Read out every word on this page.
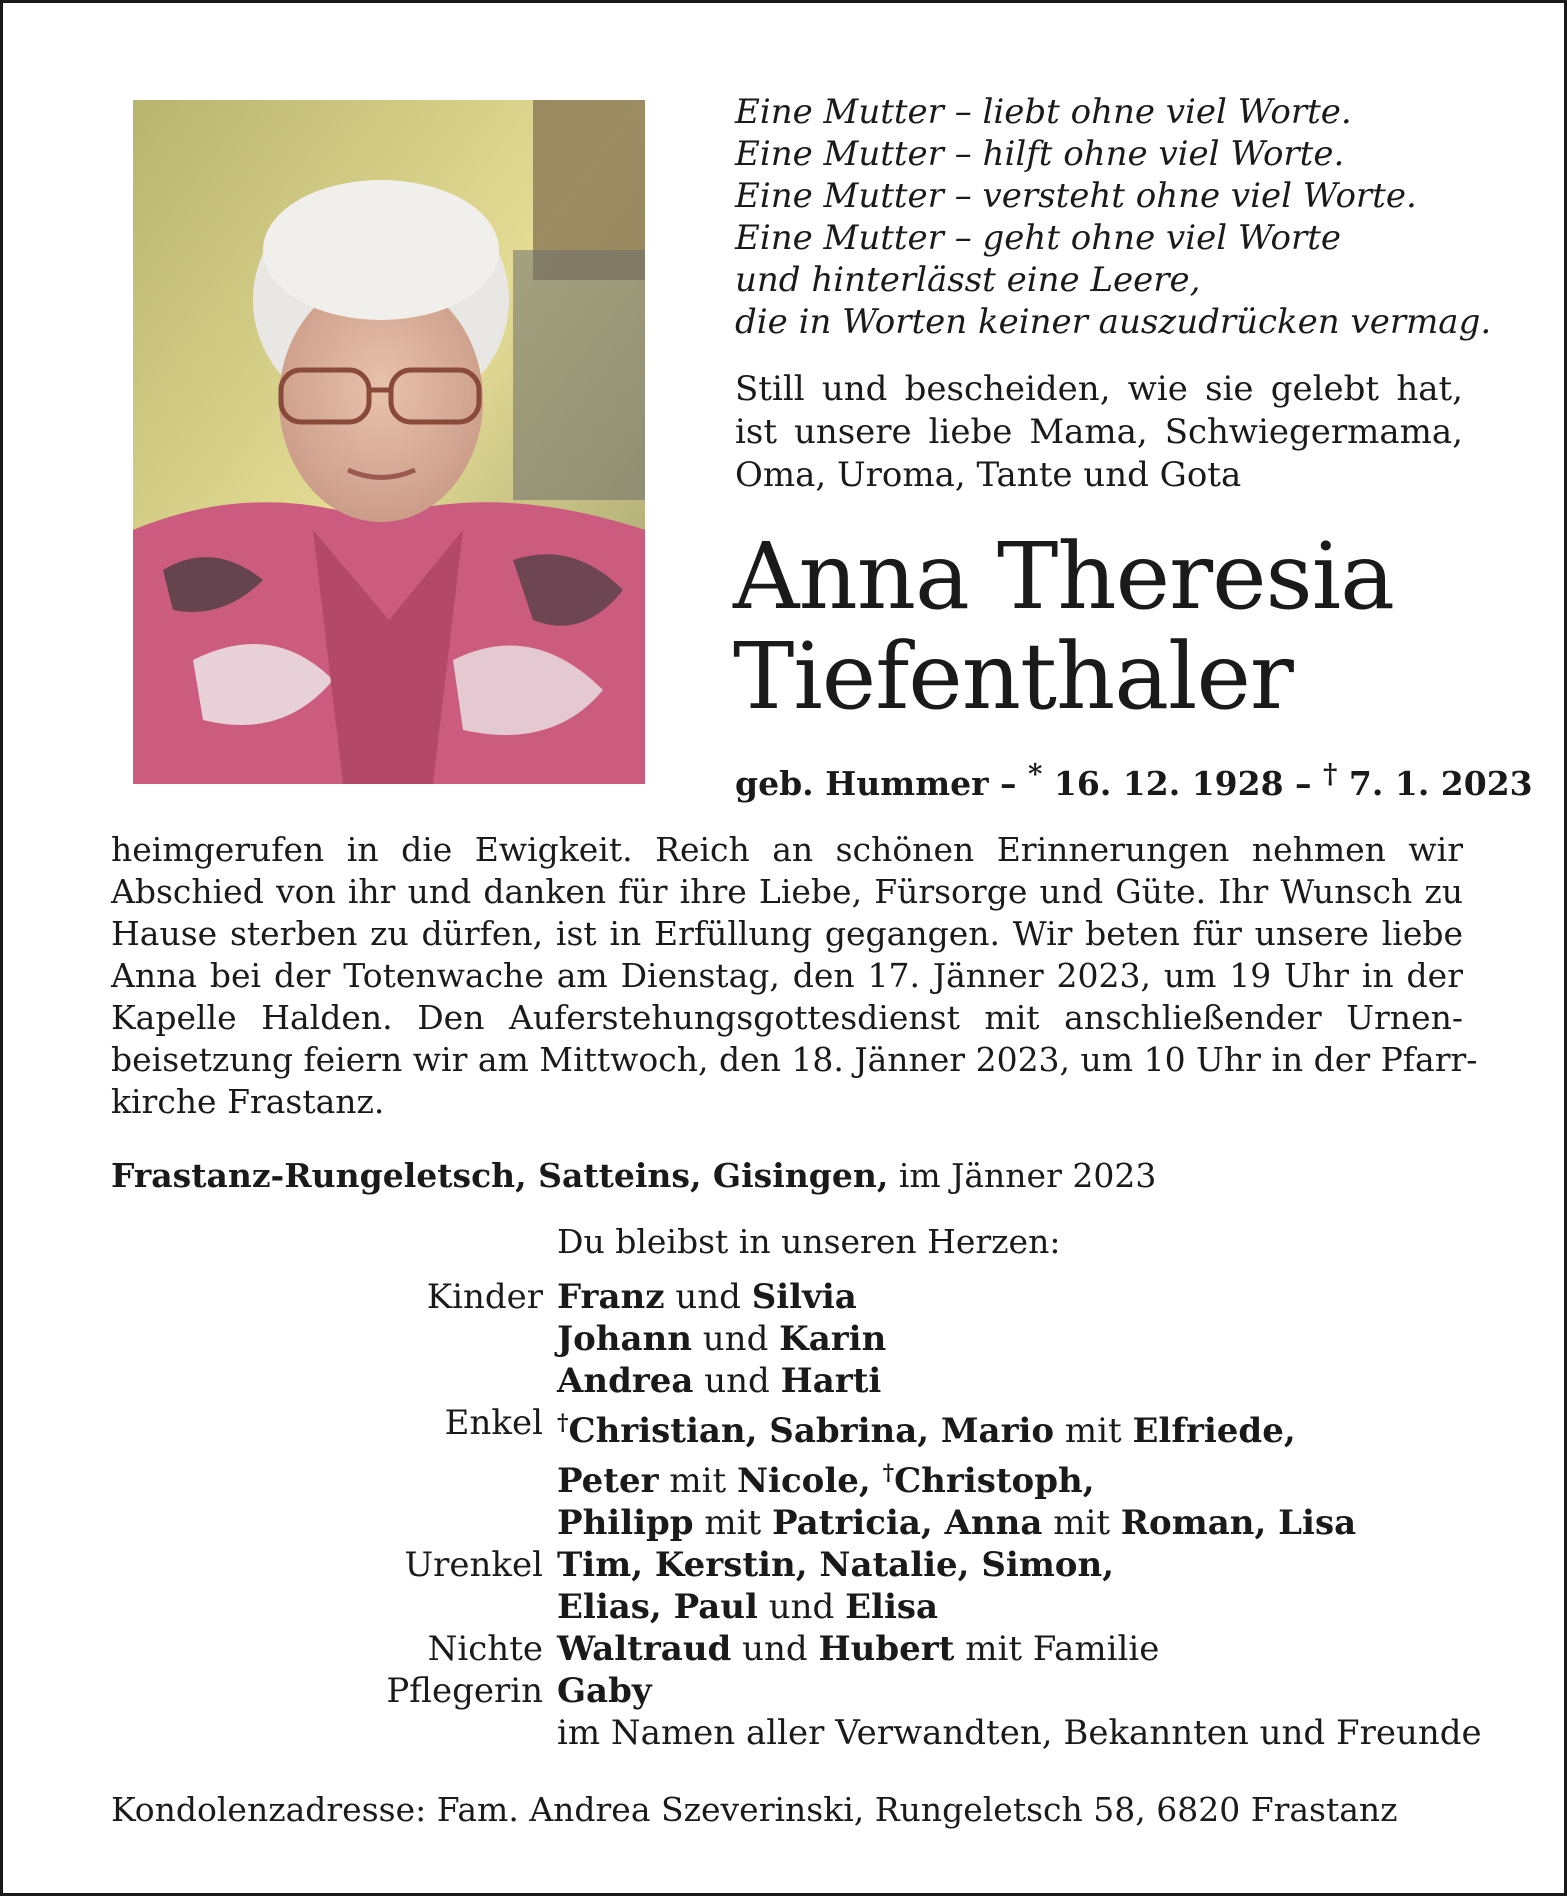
Eine Mutter – liebt ohne viel Worte.
Eine Mutter – hilft ohne viel Worte.
Eine Mutter – versteht ohne viel Worte.
Eine Mutter – geht ohne viel Worte
und hinterlässt eine Leere,
die in Worten keiner auszudrücken vermag.
Still und bescheiden, wie sie gelebt hat,
ist unsere liebe Mama, Schwiegermama,
Oma, Uroma, Tante und Gota
Anna Theresia
Tiefenthaler
geb. Hummer – * 16. 12. 1928 – † 7. 1. 2023
heimgerufen in die Ewigkeit. Reich an schönen Erinnerungen nehmen wir
Abschied von ihr und danken für ihre Liebe, Fürsorge und Güte. Ihr Wunsch zu
Hause sterben zu dürfen, ist in Erfüllung gegangen. Wir beten für unsere liebe
Anna bei der Totenwache am Dienstag, den 17. Jänner 2023, um 19 Uhr in der
Kapelle Halden. Den Auferstehungsgottesdienst mit anschließender Urnen-
beisetzung feiern wir am Mittwoch, den 18. Jänner 2023, um 10 Uhr in der Pfarr-
kirche Frastanz.
Frastanz-Rungeletsch, Satteins, Gisingen, im Jänner 2023
Du bleibst in unseren Herzen:
Kinder Franz und Silvia
Johann und Karin
Andrea und Harti
Enkel †Christian, Sabrina, Mario mit Elfriede,
Peter mit Nicole, †Christoph,
Philipp mit Patricia, Anna mit Roman, Lisa
Urenkel Tim, Kerstin, Natalie, Simon,
Elias, Paul und Elisa
Nichte Waltraud und Hubert mit Familie
Pflegerin Gaby
im Namen aller Verwandten, Bekannten und Freunde
Kondolenzadresse: Fam. Andrea Szeverinski, Rungeletsch 58, 6820 Frastanz
